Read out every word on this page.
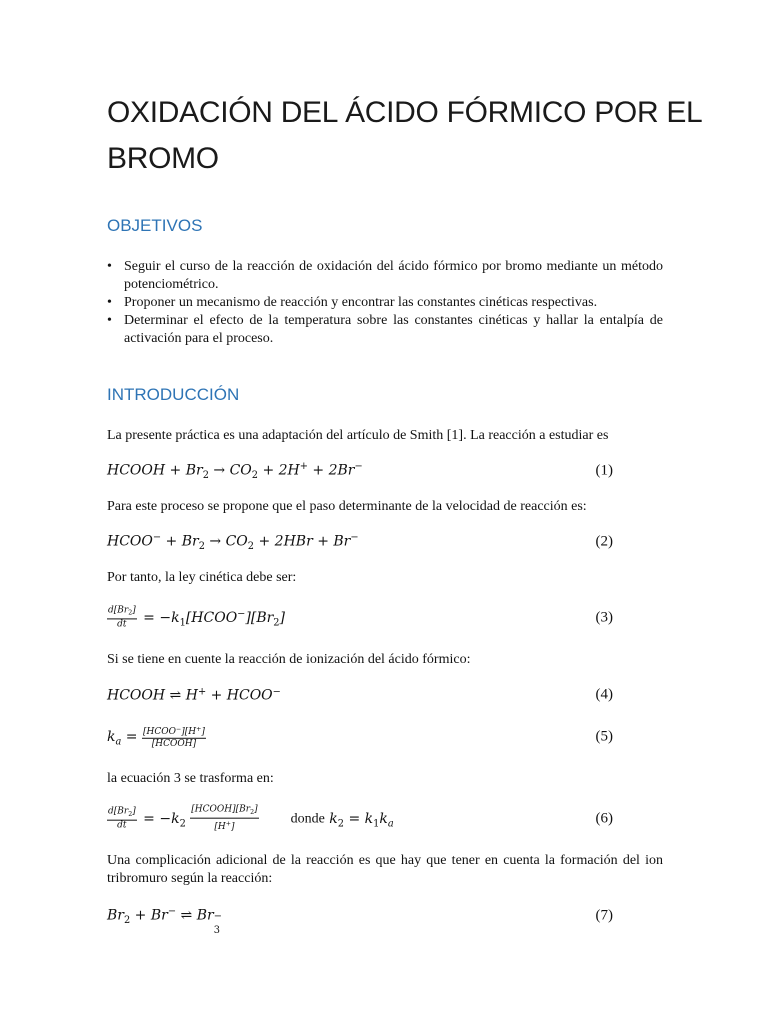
OXIDACIÓN DEL ÁCIDO FÓRMICO POR EL BROMO
OBJETIVOS
• Seguir el curso de la reacción de oxidación del ácido fórmico por bromo mediante un método potenciométrico.
• Proponer un mecanismo de reacción y encontrar las constantes cinéticas respectivas.
• Determinar el efecto de la temperatura sobre las constantes cinéticas y hallar la entalpía de activación para el proceso.
INTRODUCCIÓN

La presente práctica es una adaptación del artículo de Smith [1]. La reacción a estudiar es

HCOOH + $Br_2 \to CO_2 + 2H^+ + 2Br^-$	(1)

Para este proceso se propone que el paso determinante de la velocidad de reacción es:

HCOO− + $Br_2 \to CO_2 + 2HBr + Br^-$	(2)

Por tanto, la ley cinética debe ser:

$\frac{d[Br_2]}{dt}$ = $-k_1[HCOO^-][Br_2]$	(3)

Si se tiene en cuente la reacción de ionización del ácido fórmico:

HCOOH ⇌ H+ + HCOO−	(4)
$k_a = \frac{[HCOO^-][H^+]}{\text{[HCOOH]}}$	(5)

la ecuación 3 se trasforma en:

$\frac{d[Br_2]}{dt} = -k_2 \frac{[HCOOH][Br_2]}{[H^+]}$ donde $k_2 = k_1k_a$	(6)

Una complicación adicional de la reacción es que hay que tener en cuenta la formación del ion tribromuro según la reacción:

$Br_2 + Br^-$ ⇌ Br −
3
(7)
